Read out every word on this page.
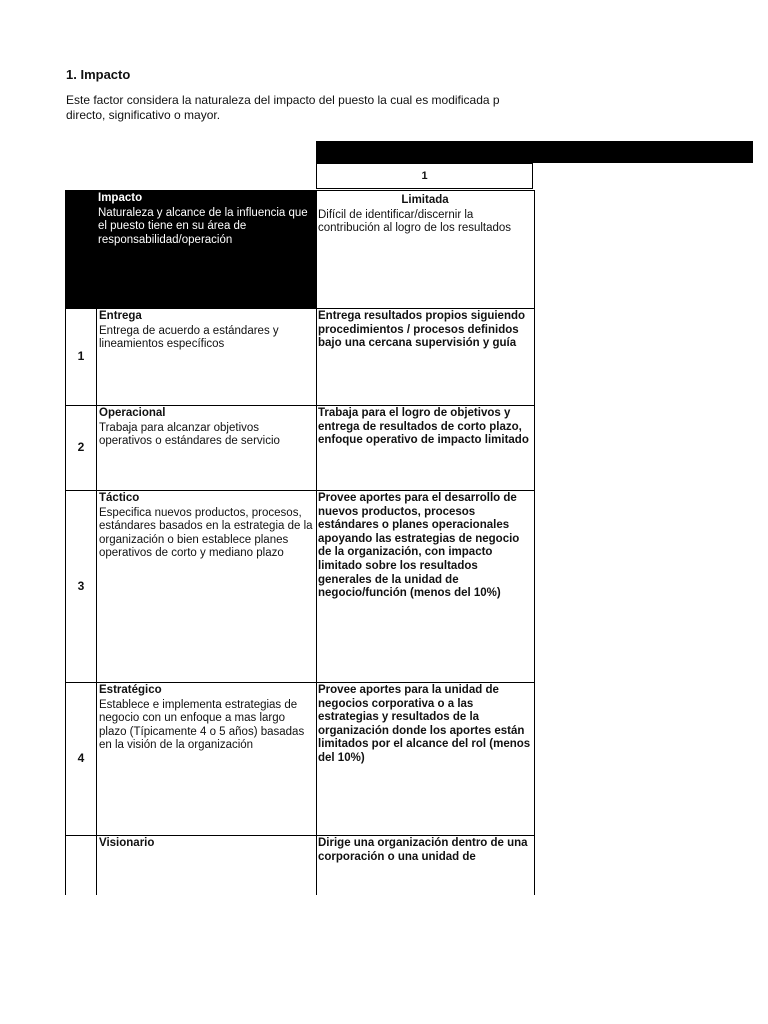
1. Impacto
Este factor considera la naturaleza del impacto del puesto la cual es modificada p
directo, significativo o mayor.
1
Impacto
Naturaleza y alcance de la influencia que el puesto tiene en su área de responsabilidad/operación
Limitada
Difícil de identificar/discernir la contribución al logro de los resultados
1
Entrega
Entrega de acuerdo a estándares y lineamientos específicos
Entrega resultados propios siguiendo procedimientos / procesos definidos bajo una cercana supervisión y guía
2
Operacional
Trabaja para alcanzar objetivos operativos o estándares de servicio
Trabaja para el logro de objetivos y entrega de resultados de corto plazo, enfoque operativo de impacto limitado
3
Táctico
Especifica nuevos productos, procesos, estándares basados en la estrategia de la organización o bien establece planes operativos de corto y mediano plazo
Provee aportes para el desarrollo de nuevos productos, procesos estándares o planes operacionales apoyando las estrategias de negocio de la organización, con impacto limitado sobre los resultados generales de la unidad de negocio/función (menos del 10%)
4
Estratégico
Establece e implementa estrategias de negocio con un enfoque a mas largo plazo (Típicamente 4 o 5 años) basadas en la visión de la organización
Provee aportes para la unidad de negocios corporativa o a las estrategias y resultados de la organización donde los aportes están limitados por el alcance del rol (menos del 10%)
Visionario	Dirige una organización dentro de una corporación o una unidad de
